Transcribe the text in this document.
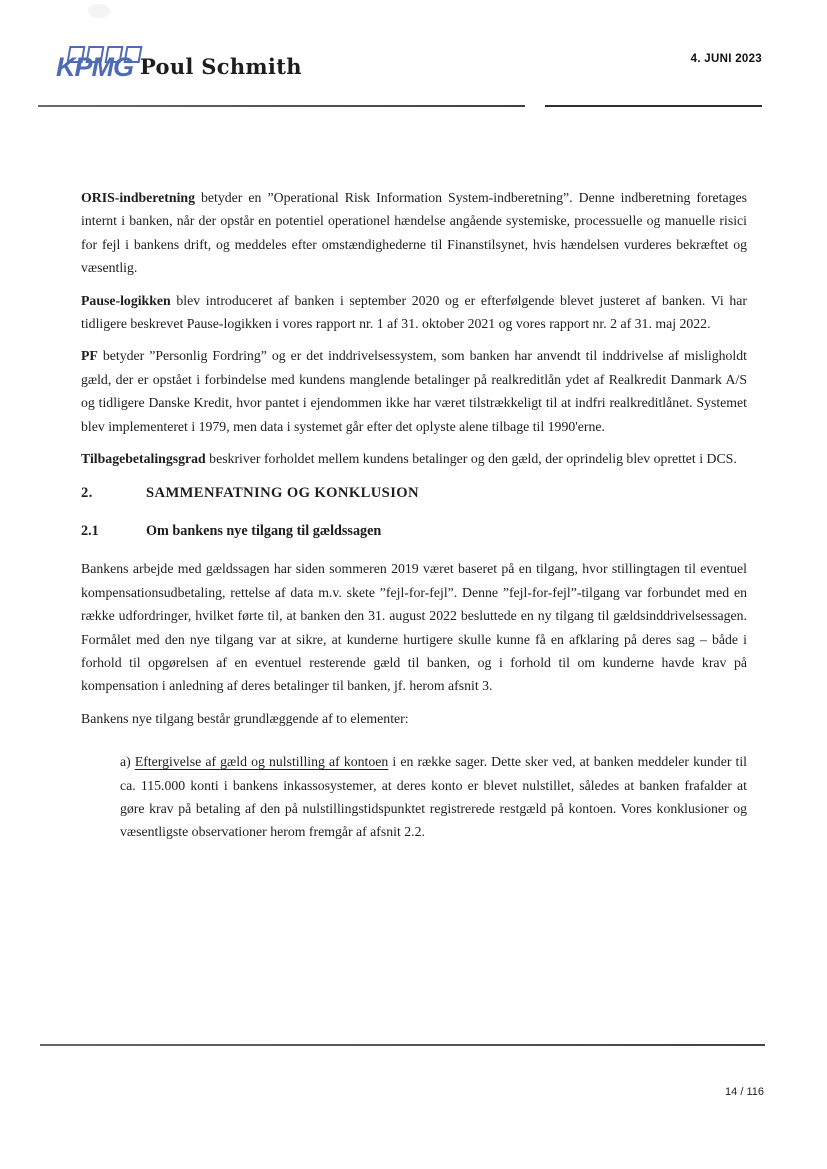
KPMG Poul Schmith	4. JUNI 2023

ORIS-indberetning betyder en ”Operational Risk Information System-indberetning”. Denne indberetning foretages internt i banken, når der opstår en potentiel operationel hændelse angående systemiske, processuelle og manuelle risici for fejl i bankens drift, og meddeles efter omstændighederne til Finanstilsynet, hvis hændelsen vurderes bekræftet og væsentlig.

Pause-logikken blev introduceret af banken i september 2020 og er efterfølgende blevet justeret af banken. Vi har tidligere beskrevet Pause-logikken i vores rapport nr. 1 af 31. oktober 2021 og vores rapport nr. 2 af 31. maj 2022.

PF betyder ”Personlig Fordring” og er det inddrivelsessystem, som banken har anvendt til inddrivelse af misligholdt gæld, der er opstået i forbindelse med kundens manglende betalinger på realkreditlån ydet af Realkredit Danmark A/S og tidligere Danske Kredit, hvor pantet i ejendommen ikke har været tilstrækkeligt til at indfri realkreditlånet. Systemet blev implementeret i 1979, men data i systemet går efter det oplyste alene tilbage til 1990'erne.

Tilbagebetalingsgrad beskriver forholdet mellem kundens betalinger og den gæld, der oprindelig blev oprettet i DCS.

2.	SAMMENFATNING OG KONKLUSION
2.1	Om bankens nye tilgang til gældssagen

Bankens arbejde med gældssagen har siden sommeren 2019 været baseret på en tilgang, hvor stillingtagen til eventuel kompensationsudbetaling, rettelse af data m.v. skete ”fejl-for-fejl”. Denne ”fejl-for-fejl”-tilgang var forbundet med en række udfordringer, hvilket førte til, at banken den 31. august 2022 besluttede en ny tilgang til gældsinddrivelsessagen. Formålet med den nye tilgang var at sikre, at kunderne hurtigere skulle kunne få en afklaring på deres sag – både i forhold til opgørelsen af en eventuel resterende gæld til banken, og i forhold til om kunderne havde krav på kompensation i anledning af deres betalinger til banken, jf. herom afsnit 3.

Bankens nye tilgang består grundlæggende af to elementer:

a) Eftergivelse af gæld og nulstilling af kontoen i en række sager. Dette sker ved, at banken meddeler kunder til ca. 115.000 konti i bankens inkassosystemer, at deres konto er blevet nulstillet, således at banken frafalder at gøre krav på betaling af den på nulstillingstidspunktet registrerede restgæld på kontoen. Vores konklusioner og væsentligste observationer herom fremgår af afsnit 2.2.
14 / 116
